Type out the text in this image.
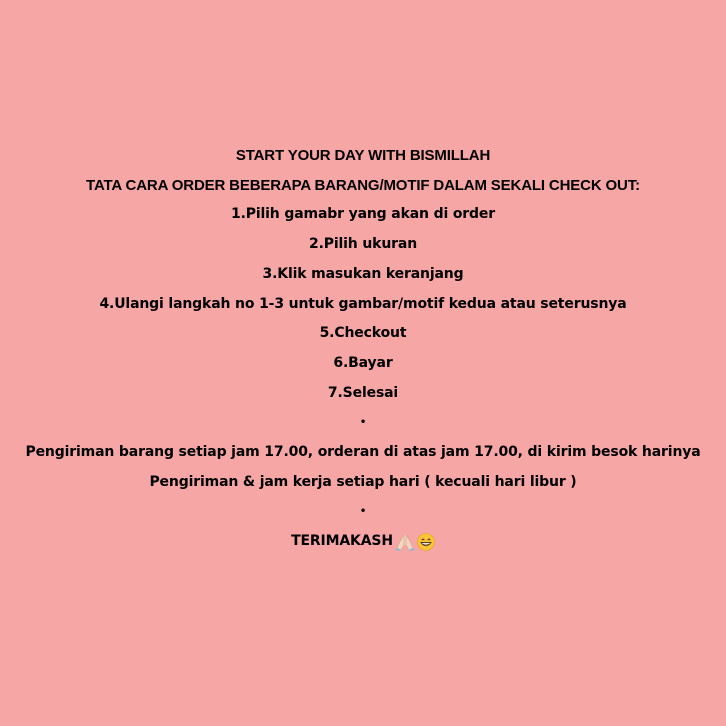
START YOUR DAY WITH BISMILLAH
TATA CARA ORDER BEBERAPA BARANG/MOTIF DALAM SEKALI CHECK OUT:
1.Pilih gamabr yang akan di order
2.Pilih ukuran
3.Klik masukan keranjang
4.Ulangi langkah no 1-3 untuk gambar/motif kedua atau seterusnya
5.Checkout
6.Bayar
7.Selesai
•
Pengiriman barang setiap jam 17.00, orderan di atas jam 17.00, di kirim besok harinya
Pengiriman & jam kerja setiap hari ( kecuali hari libur )
•
TERIMAKASH
